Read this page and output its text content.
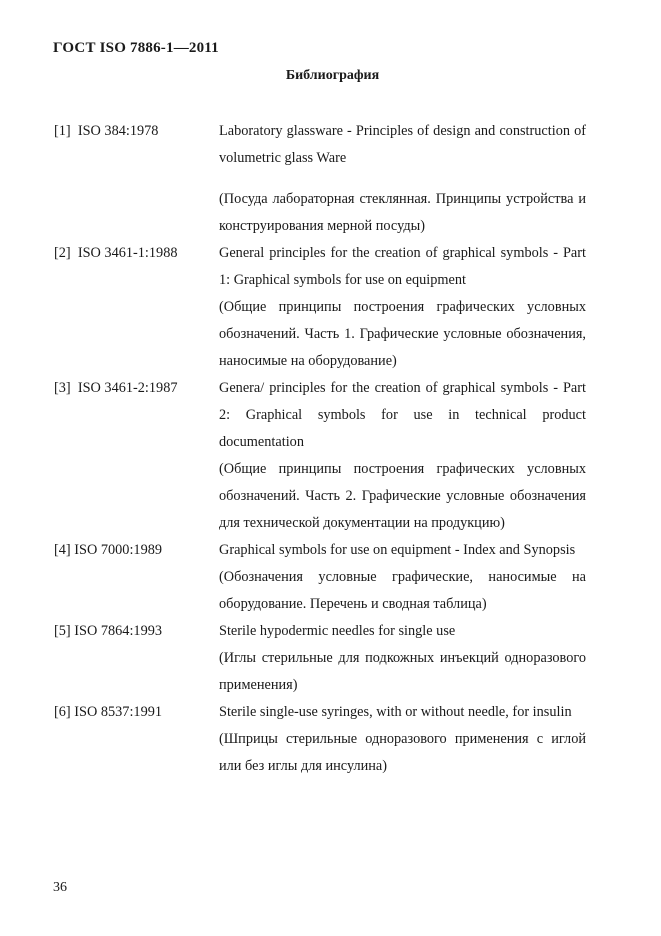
ГОСТ ISO 7886-1—2011
Библиография
[1]  ISO 384:1978	Laboratory glassware - Principles of design and construction of volumetric glass Ware
(Посуда лабораторная стеклянная. Принципы устройства и конструирования мерной посуды)
[2]  ISO 3461-1:1988	General principles for the creation of graphical symbols - Part 1: Graphical symbols for use on equipment
(Общие принципы построения графических условных обозначений. Часть 1. Графические условные обозначения, наносимые на оборудование)
[3]  ISO 3461-2:1987	Genera/ principles for the creation of graphical symbols - Part 2: Graphical symbols for use in technical product documentation
(Общие принципы построения графических условных обозначений. Часть 2. Графические условные обозначения для технической документации на продукцию)
[4] ISO 7000:1989	Graphical symbols for use on equipment - Index and Synopsis
(Обозначения условные графические, наносимые на оборудование. Перечень и сводная таблица)
[5] ISO 7864:1993	Sterile hypodermic needles for single use
(Иглы стерильные для подкожных инъекций одноразового применения)
[6] ISO 8537:1991	Sterile single-use syringes, with or without needle, for insulin
(Шприцы стерильные одноразового применения с иглой или без иглы для инсулина)
36
